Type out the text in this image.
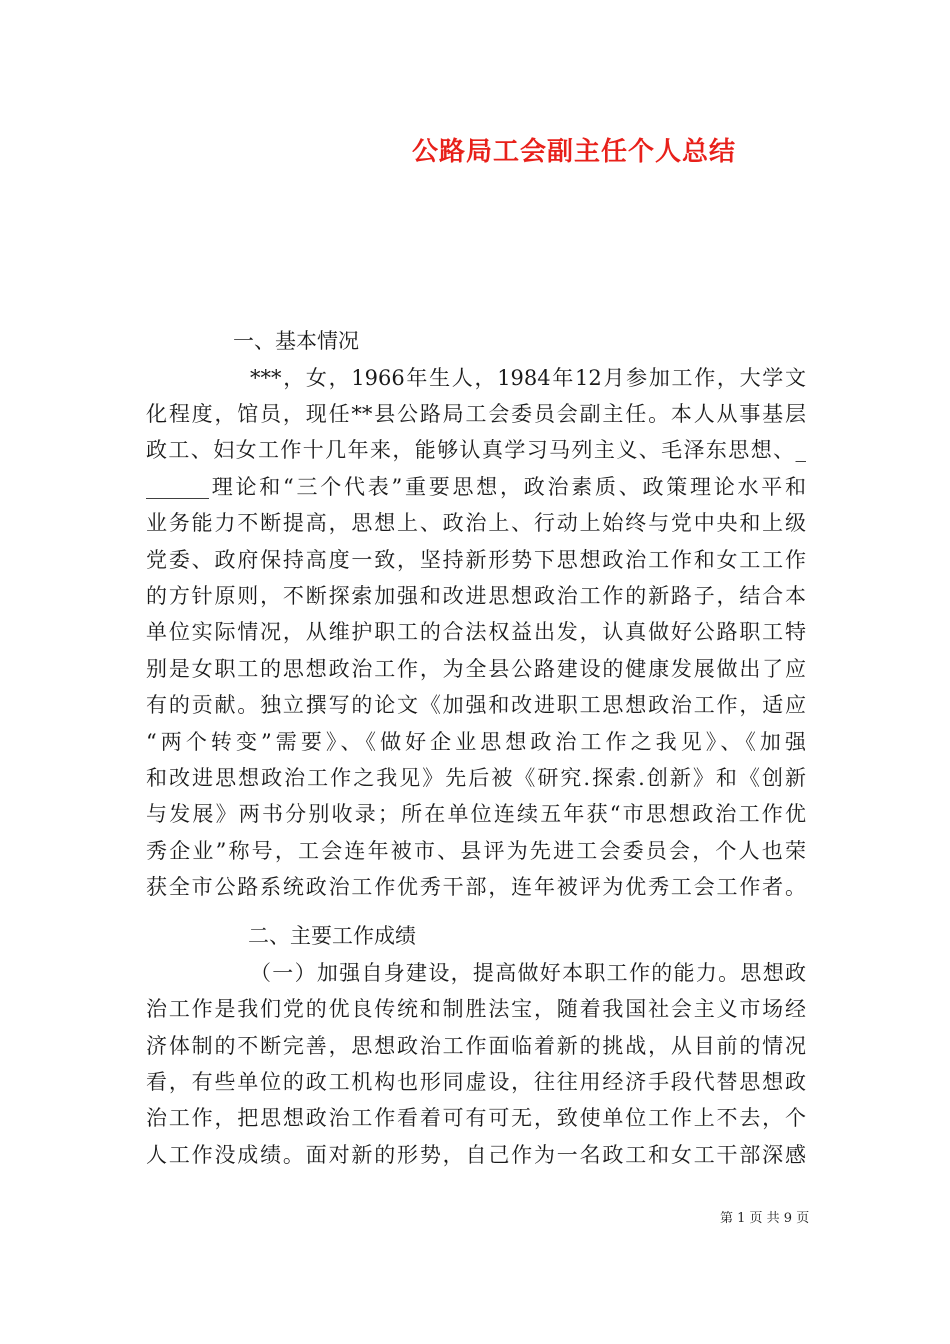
公路局工会副主任个人总结
一、基本情况
***，女，1966年生人，1984年12月参加工作，大学文
化程度，馆员，现任**县公路局工会委员会副主任。本人从事基层
政工、妇女工作十几年来，能够认真学习马列主义、毛泽东思想、_
______理论和“三个代表”重要思想，政治素质、政策理论水平和
业务能力不断提高，思想上、政治上、行动上始终与党中央和上级
党委、政府保持高度一致，坚持新形势下思想政治工作和女工工作
的方针原则，不断探索加强和改进思想政治工作的新路子，结合本
单位实际情况，从维护职工的合法权益出发，认真做好公路职工特
别是女职工的思想政治工作，为全县公路建设的健康发展做出了应
有的贡献。独立撰写的论文《加强和改进职工思想政治工作，适应
“两个转变”需要》、《做好企业思想政治工作之我见》、《加强
和改进思想政治工作之我见》先后被《研究.探索.创新》和《创新
与发展》两书分别收录；所在单位连续五年获“市思想政治工作优
秀企业”称号，工会连年被市、县评为先进工会委员会，个人也荣
获全市公路系统政治工作优秀干部，连年被评为优秀工会工作者。
二、主要工作成绩
（一）加强自身建设，提高做好本职工作的能力。思想政
治工作是我们党的优良传统和制胜法宝，随着我国社会主义市场经
济体制的不断完善，思想政治工作面临着新的挑战，从目前的情况
看，有些单位的政工机构也形同虚设，往往用经济手段代替思想政
治工作，把思想政治工作看着可有可无，致使单位工作上不去，个
人工作没成绩。面对新的形势，自己作为一名政工和女工干部深感
第 1 页 共 9 页
